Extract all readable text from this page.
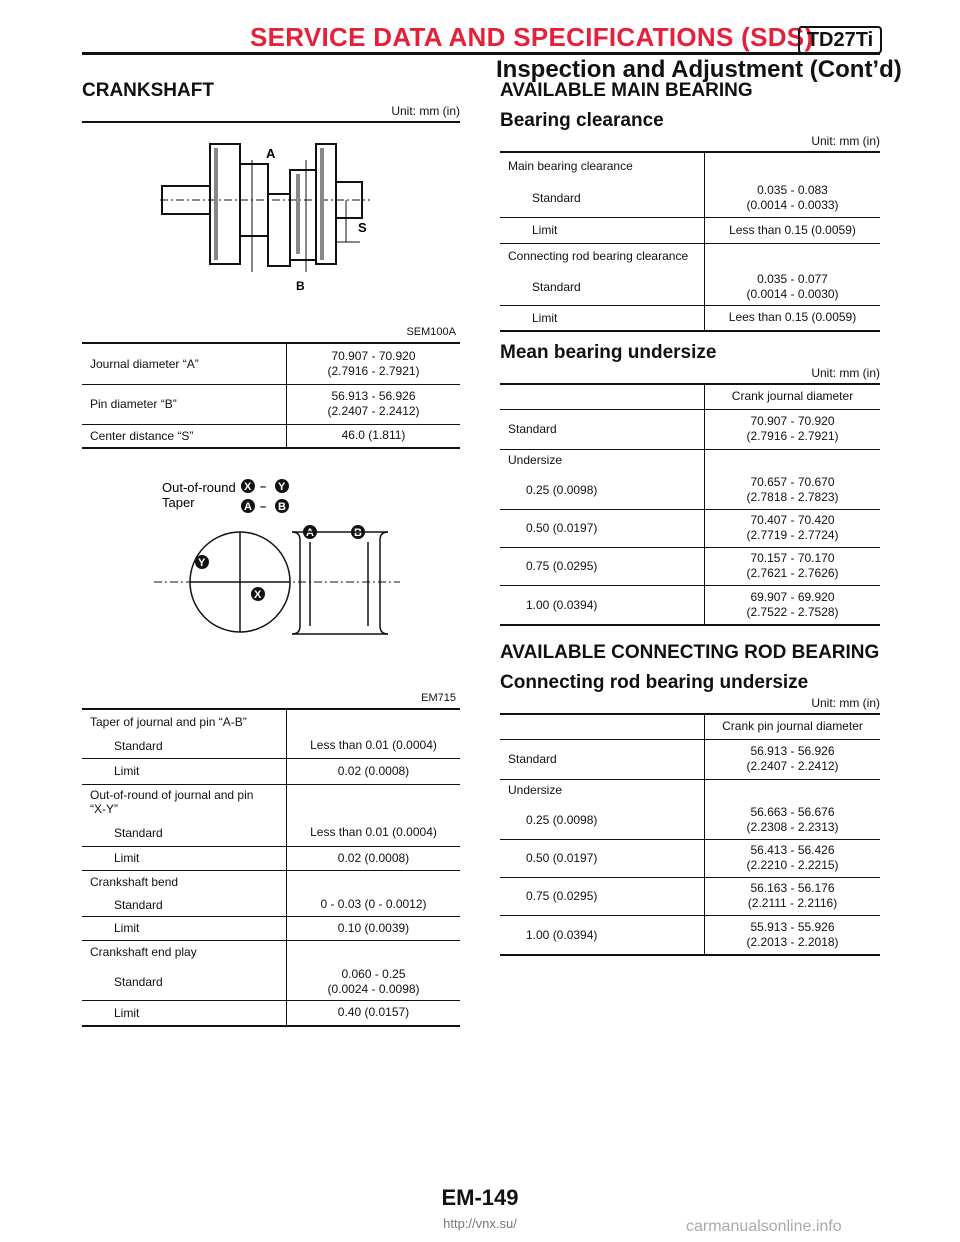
SERVICE DATA AND SPECIFICATIONS (SDS)
TD27Ti
Inspection and Adjustment (Cont’d)
CRANKSHAFT
Unit: mm (in)
A
B
S
SEM100A
Journal diameter “A”	70.907 - 70.920
(2.7916 - 2.7921)

Pin diameter “B”	56.913 - 56.926
(2.2407 - 2.2412)

Center distance “S”	46.0 (1.811)
Out-of-round
Taper
X – Y
A – B
A	B
Y
X
EM715
Taper of journal and pin “A-B”	
Standard	Less than 0.01 (0.0004)
Limit	0.02 (0.0008)

Out-of-round of journal and pin
“X-Y”	

Standard	Less than 0.01 (0.0004)
Limit	0.02 (0.0008)
Crankshaft bend	
Standard	0 - 0.03 (0 - 0.0012)
Limit	0.10 (0.0039)
Crankshaft end play	
Standard	0.060 - 0.25
(0.0024 - 0.0098)

Limit	0.40 (0.0157)
AVAILABLE MAIN BEARING
Bearing clearance
Unit: mm (in)
Main bearing clearance	
Standard	0.035 - 0.083
(0.0014 - 0.0033)

Limit	Less than 0.15 (0.0059)
Connecting rod bearing clearance	
Standard	0.035 - 0.077
(0.0014 - 0.0030)

Limit	Lees than 0.15 (0.0059)
Mean bearing undersize
Unit: mm (in)
	Crank journal diameter
Standard	70.907 - 70.920
(2.7916 - 2.7921)

Undersize	
0.25 (0.0098)	70.657 - 70.670
(2.7818 - 2.7823)

0.50 (0.0197)	70.407 - 70.420
(2.7719 - 2.7724)

0.75 (0.0295)	70.157 - 70.170
(2.7621 - 2.7626)

1.00 (0.0394)	69.907 - 69.920
(2.7522 - 2.7528)
AVAILABLE CONNECTING ROD BEARING
Connecting rod bearing undersize
Unit: mm (in)
	Crank pin journal diameter
Standard	56.913 - 56.926
(2.2407 - 2.2412)

Undersize	
0.25 (0.0098)	56.663 - 56.676
(2.2308 - 2.2313)

0.50 (0.0197)	56.413 - 56.426
(2.2210 - 2.2215)

0.75 (0.0295)	56.163 - 56.176
(2.2111 - 2.2116)

1.00 (0.0394)	55.913 - 55.926
(2.2013 - 2.2018)
EM-149
http://vnx.su/	carmanualsonline.info
